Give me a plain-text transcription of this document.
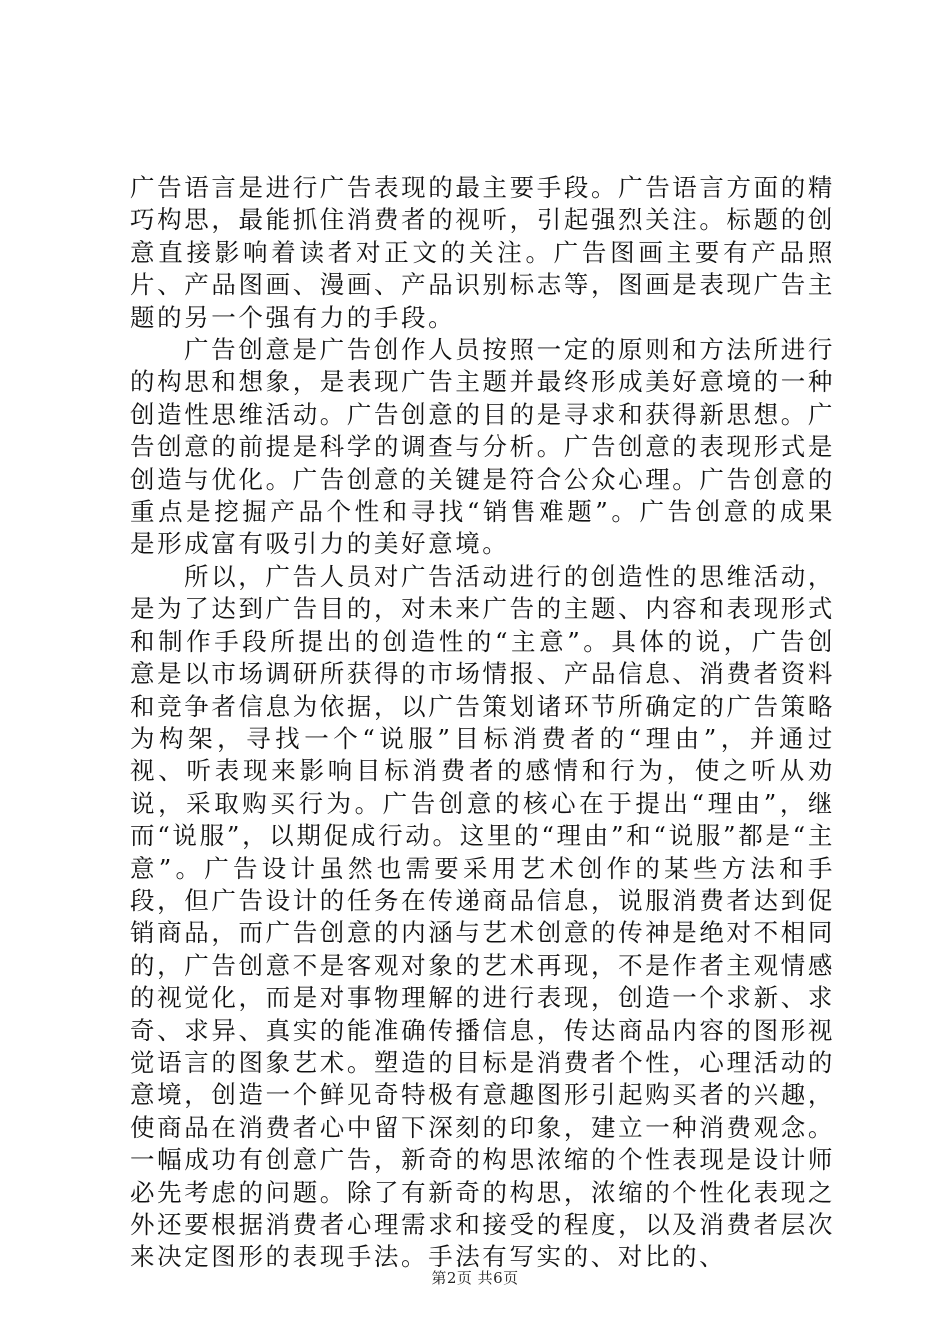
广告语言是进行广告表现的最主要手段。广告语言方面的精巧构思，最能抓住消费者的视听，引起强烈关注。标题的创意直接影响着读者对正文的关注。广告图画主要有产品照片、产品图画、漫画、产品识别标志等，图画是表现广告主题的另一个强有力的手段。

广告创意是广告创作人员按照一定的原则和方法所进行的构思和想象，是表现广告主题并最终形成美好意境的一种创造性思维活动。广告创意的目的是寻求和获得新思想。广告创意的前提是科学的调查与分析。广告创意的表现形式是创造与优化。广告创意的关键是符合公众心理。广告创意的重点是挖掘产品个性和寻找“销售难题”。广告创意的成果是形成富有吸引力的美好意境。

所以，广告人员对广告活动进行的创造性的思维活动，是为了达到广告目的，对未来广告的主题、内容和表现形式和制作手段所提出的创造性的“主意”。具体的说，广告创意是以市场调研所获得的市场情报、产品信息、消费者资料和竞争者信息为依据，以广告策划诸环节所确定的广告策略为构架，寻找一个“说服”目标消费者的“理由”，并通过视、听表现来影响目标消费者的感情和行为，使之听从劝说，采取购买行为。广告创意的核心在于提出“理由”，继而“说服”，以期促成行动。这里的“理由”和“说服”都是“主意”。广告设计虽然也需要采用艺术创作的某些方法和手段，但广告设计的任务在传递商品信息，说服消费者达到促销商品，而广告创意的内涵与艺术创意的传神是绝对不相同的，广告创意不是客观对象的艺术再现，不是作者主观情感的视觉化，而是对事物理解的进行表现，创造一个求新、求奇、求异、真实的能准确传播信息，传达商品内容的图形视觉语言的图象艺术。塑造的目标是消费者个性，心理活动的意境，创造一个鲜见奇特极有意趣图形引起购买者的兴趣，使商品在消费者心中留下深刻的印象，建立一种消费观念。一幅成功有创意广告，新奇的构思浓缩的个性表现是设计师必先考虑的问题。除了有新奇的构思，浓缩的个性化表现之外还要根据消费者心理需求和接受的程度，以及消费者层次来决定图形的表现手法。手法有写实的、对比的、

第2页 共6页
